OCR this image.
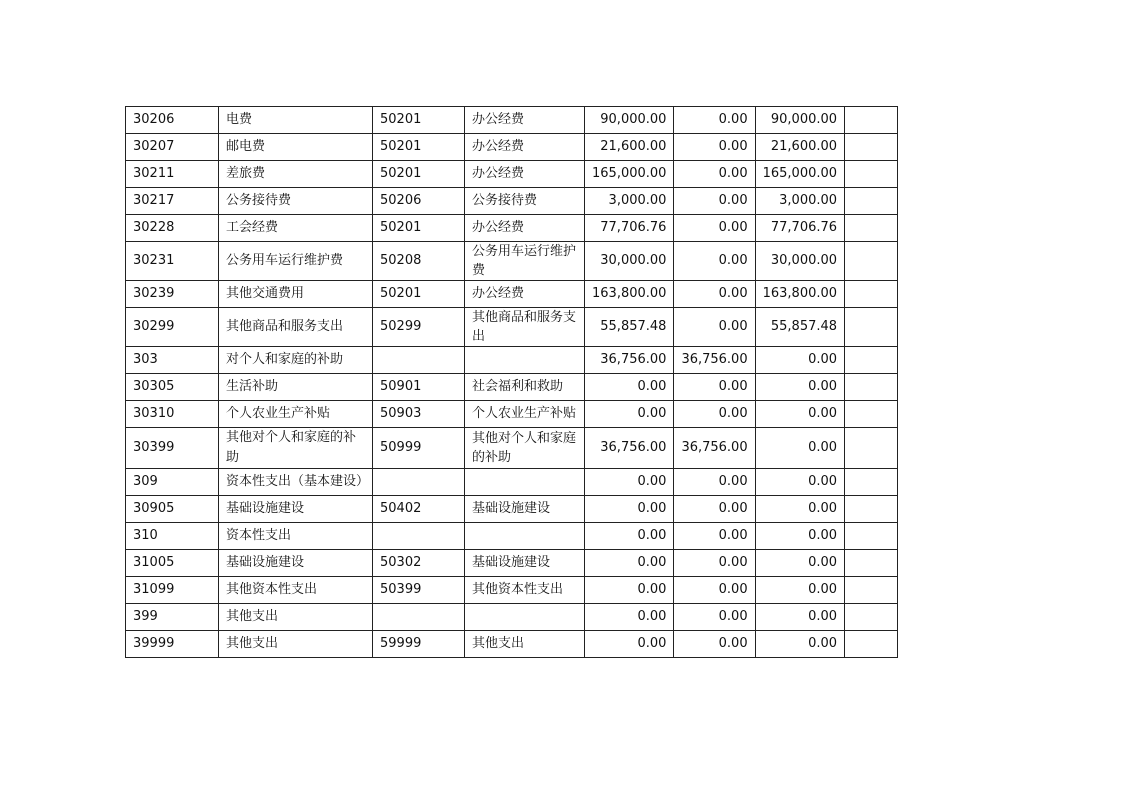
30206	电费	50201	办公经费	90,000.00	0.00	90,000.00	
30207	邮电费	50201	办公经费	21,600.00	0.00	21,600.00	
30211	差旅费	50201	办公经费	165,000.00	0.00	165,000.00	
30217	公务接待费	50206	公务接待费	3,000.00	0.00	3,000.00	
30228	工会经费	50201	办公经费	77,706.76	0.00	77,706.76	
30231	公务用车运行维护费	50208	公务用车运行维护费	30,000.00	0.00	30,000.00	
30239	其他交通费用	50201	办公经费	163,800.00	0.00	163,800.00	
30299	其他商品和服务支出	50299	其他商品和服务支出	55,857.48	0.00	55,857.48	
303	对个人和家庭的补助			36,756.00	36,756.00	0.00	
30305	生活补助	50901	社会福利和救助	0.00	0.00	0.00	
30310	个人农业生产补贴	50903	个人农业生产补贴	0.00	0.00	0.00	
30399	其他对个人和家庭的补助	50999	其他对个人和家庭的补助	36,756.00	36,756.00	0.00	
309	资本性支出（基本建设）			0.00	0.00	0.00	
30905	基础设施建设	50402	基础设施建设	0.00	0.00	0.00	
310	资本性支出			0.00	0.00	0.00	
31005	基础设施建设	50302	基础设施建设	0.00	0.00	0.00	
31099	其他资本性支出	50399	其他资本性支出	0.00	0.00	0.00	
399	其他支出			0.00	0.00	0.00	
39999	其他支出	59999	其他支出	0.00	0.00	0.00	
